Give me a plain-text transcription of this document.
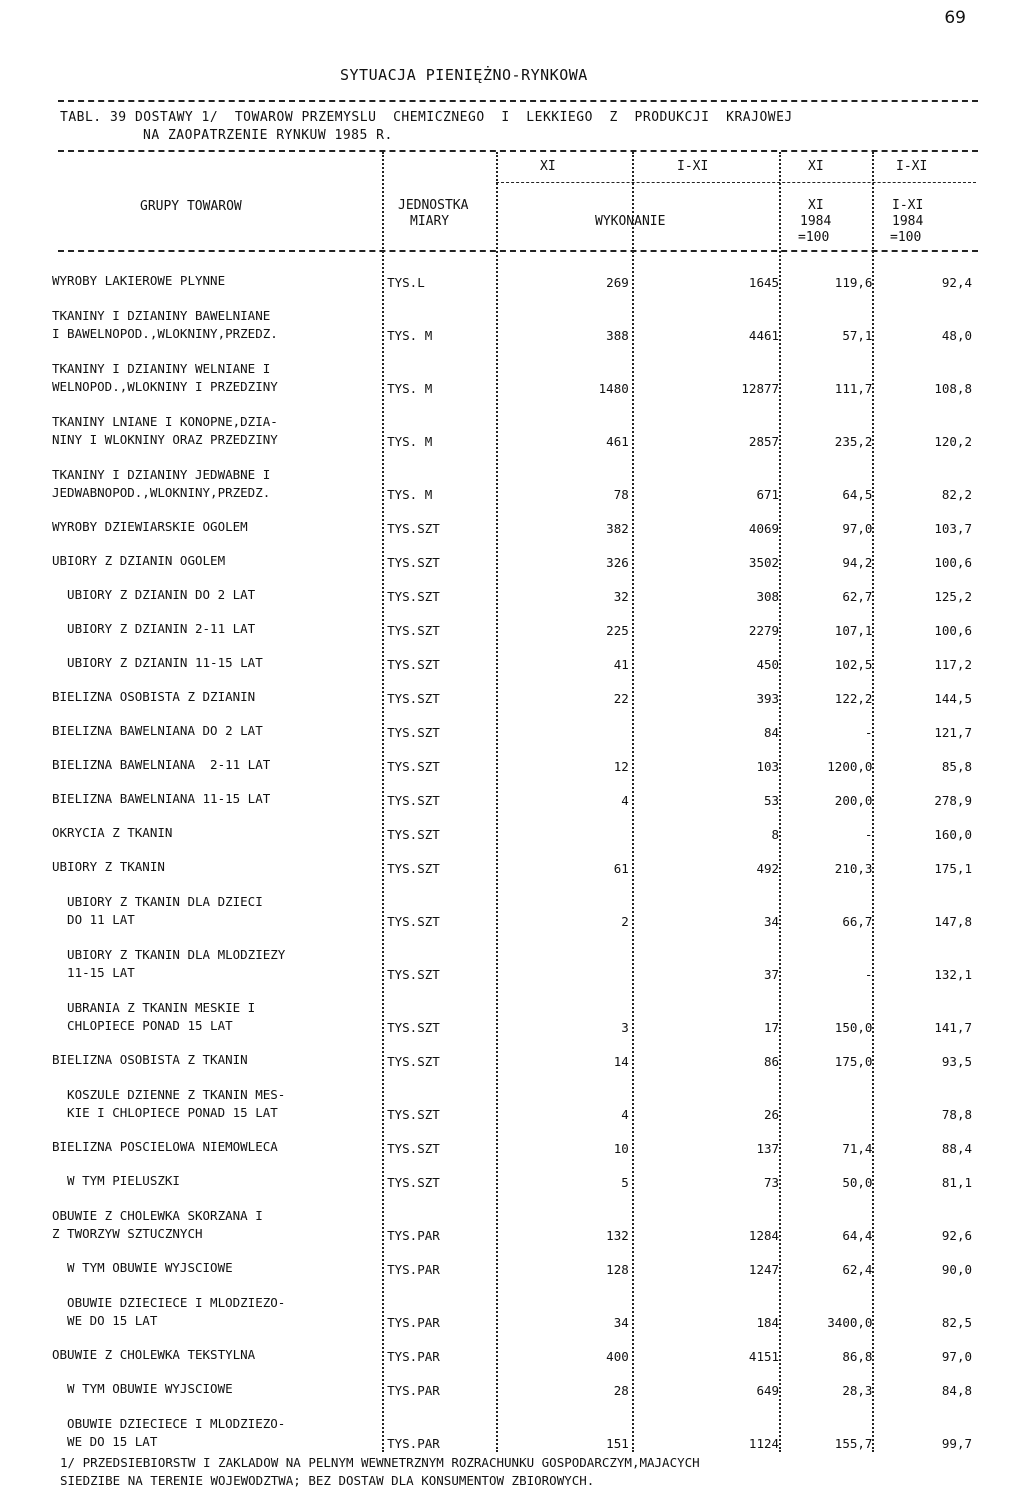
69
SYTUACJA PIENIĘŻNO-RYNKOWA
TABL. 39 DOSTAWY 1/  TOWAROW PRZEMYSLU  CHEMICZNEGO  I  LEKKIEGO  Z  PRODUKCJI  KRAJOWEJ
NA ZAOPATRZENIE RYNKUW 1985 R.
GRUPY TOWAROW	JEDNOSTKA
MIARY
XI	I-XI	XI	I-XI
WYKONANIE
XI	I-XI
1984	1984
=100	=100
WYROBY LAKIEROWE PLYNNE	TYS.L	269	1645	119,6	92,4
TKANINY I DZIANINY BAWELNIANE
I BAWELNOPOD.,WLOKNINY,PRZEDZ.	TYS. M	388	4461	57,1	48,0
TKANINY I DZIANINY WELNIANE I
WELNOPOD.,WLOKNINY I PRZEDZINY	TYS. M	1480	12877	111,7	108,8
TKANINY LNIANE I KONOPNE,DZIA-
NINY I WLOKNINY ORAZ PRZEDZINY	TYS. M	461	2857	235,2	120,2
TKANINY I DZIANINY JEDWABNE I
JEDWABNOPOD.,WLOKNINY,PRZEDZ.	TYS. M	78	671	64,5	82,2
WYROBY DZIEWIARSKIE OGOLEM	TYS.SZT	382	4069	97,0	103,7
UBIORY Z DZIANIN OGOLEM	TYS.SZT	326	3502	94,2	100,6
UBIORY Z DZIANIN DO 2 LAT	TYS.SZT	32	308	62,7	125,2
UBIORY Z DZIANIN 2-11 LAT	TYS.SZT	225	2279	107,1	100,6
UBIORY Z DZIANIN 11-15 LAT	TYS.SZT	41	450	102,5	117,2
BIELIZNA OSOBISTA Z DZIANIN	TYS.SZT	22	393	122,2	144,5
BIELIZNA BAWELNIANA DO 2 LAT	TYS.SZT		84	-	121,7
BIELIZNA BAWELNIANA  2-11 LAT	TYS.SZT	12	103	1200,0	85,8
BIELIZNA BAWELNIANA 11-15 LAT	TYS.SZT	4	53	200,0	278,9
OKRYCIA Z TKANIN	TYS.SZT		8	-	160,0
UBIORY Z TKANIN	TYS.SZT	61	492	210,3	175,1
UBIORY Z TKANIN DLA DZIECI
DO 11 LAT	TYS.SZT	2	34	66,7	147,8
UBIORY Z TKANIN DLA MLODZIEZY
11-15 LAT	TYS.SZT		37	-	132,1
UBRANIA Z TKANIN MESKIE I
CHLOPIECE PONAD 15 LAT	TYS.SZT	3	17	150,0	141,7
BIELIZNA OSOBISTA Z TKANIN	TYS.SZT	14	86	175,0	93,5
KOSZULE DZIENNE Z TKANIN MES-
KIE I CHLOPIECE PONAD 15 LAT	TYS.SZT	4	26		78,8
BIELIZNA POSCIELOWA NIEMOWLECA	TYS.SZT	10	137	71,4	88,4
W TYM PIELUSZKI	TYS.SZT	5	73	50,0	81,1
OBUWIE Z CHOLEWKA SKORZANA I
Z TWORZYW SZTUCZNYCH	TYS.PAR	132	1284	64,4	92,6
W TYM OBUWIE WYJSCIOWE	TYS.PAR	128	1247	62,4	90,0
OBUWIE DZIECIECE I MLODZIEZO-
WE DO 15 LAT	TYS.PAR	34	184	3400,0	82,5
OBUWIE Z CHOLEWKA TEKSTYLNA	TYS.PAR	400	4151	86,8	97,0
W TYM OBUWIE WYJSCIOWE	TYS.PAR	28	649	28,3	84,8
OBUWIE DZIECIECE I MLODZIEZO-
WE DO 15 LAT	TYS.PAR	151	1124	155,7	99,7
1/ PRZEDSIEBIORSTW I ZAKLADOW NA PELNYM WEWNETRZNYM ROZRACHUNKU GOSPODARCZYM,MAJACYCH
SIEDZIBE NA TERENIE WOJEWODZTWA; BEZ DOSTAW DLA KONSUMENTOW ZBIOROWYCH.
